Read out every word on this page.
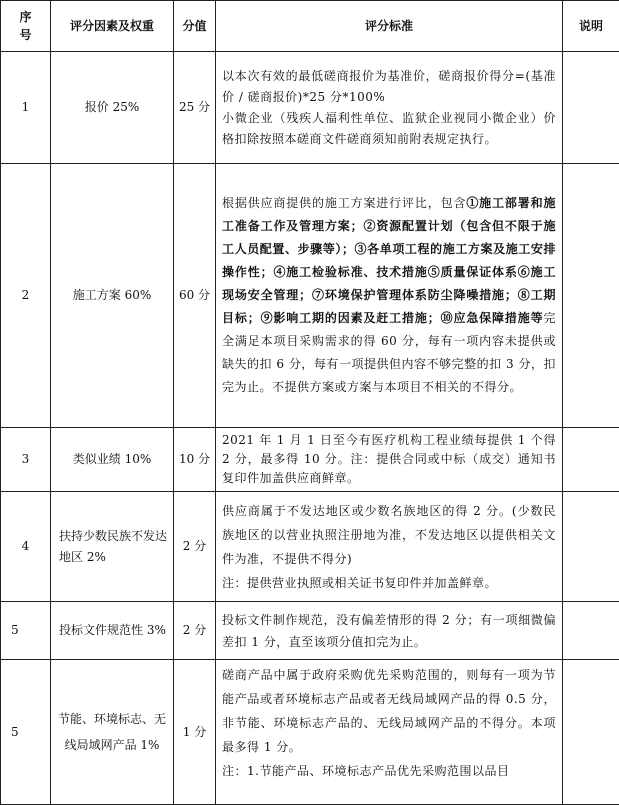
序号	评分因素及权重	分值	评分标准	说明
1	报价 25%	25 分	以本次有效的最低磋商报价为基准价，磋商报价得分=(基准价 / 磋商报价)*25 分*100%

小微企业（残疾人福利性单位、监狱企业视同小微企业）价格扣除按照本磋商文件磋商须知前附表规定执行。	

2	施工方案 60%	60 分	根据供应商提供的施工方案进行评比，包含①施工部署和施工准备工作及管理方案；②资源配置计划（包含但不限于施工人员配置、步骤等）；③各单项工程的施工方案及施工安排操作性；④施工检验标准、技术措施⑤质量保证体系⑥施工现场安全管理；⑦环境保护管理体系防尘降噪措施；⑧工期目标；⑨影响工期的因素及赶工措施；⑩应急保障措施等完全满足本项目采购需求的得 60 分，每有一项内容未提供或缺失的扣 6 分，每有一项提供但内容不够完整的扣 3 分，扣完为止。不提供方案或方案与本项目不相关的不得分。	

3	类似业绩 10%	10 分	2021 年 1 月 1 日至今有医疗机构工程业绩每提供 1 个得 2 分，最多得 10 分。注：提供合同或中标（成交）通知书复印件加盖供应商鲜章。	

4	扶持少数民族不发达地区 2%	2 分	供应商属于不发达地区或少数名族地区的得 2 分。(少数民族地区的以营业执照注册地为准，不发达地区以提供相关文件为准，不提供不得分)

注：提供营业执照或相关证书复印件并加盖鲜章。	

5	投标文件规范性 3%	2 分	投标文件制作规范，没有偏差情形的得 2 分；有一项细微偏差扣 1 分，直至该项分值扣完为止。	

5	节能、环境标志、无线局域网产品 1%	1 分	磋商产品中属于政府采购优先采购范围的，则每有一项为节能产品或者环境标志产品或者无线局域网产品的得 0.5 分，非节能、环境标志产品的、无线局域网产品的不得分。本项最多得 1 分。

注：1.节能产品、环境标志产品优先采购范围以品目	
